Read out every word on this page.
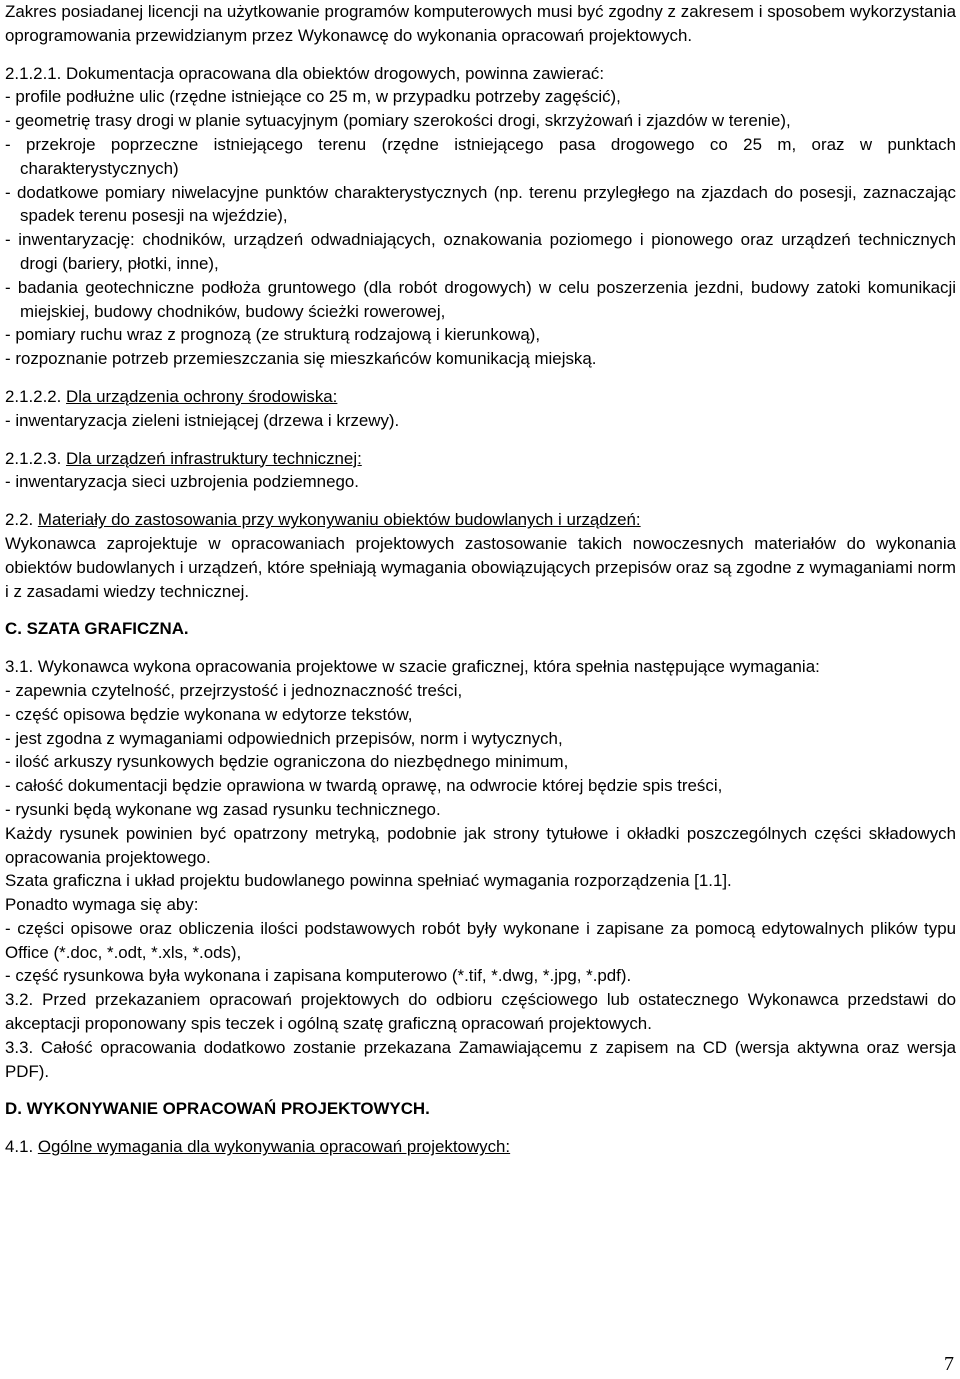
Zakres posiadanej licencji na użytkowanie programów komputerowych musi być zgodny z zakresem i sposobem wykorzystania oprogramowania przewidzianym przez Wykonawcę do wykonania opracowań projektowych.

2.1.2.1. Dokumentacja opracowana dla obiektów drogowych, powinna zawierać:

- profile podłużne ulic (rzędne istniejące co 25 m, w przypadku potrzeby zagęścić),

- geometrię trasy drogi w planie sytuacyjnym (pomiary szerokości drogi, skrzyżowań i zjazdów w terenie),

- przekroje poprzeczne istniejącego terenu (rzędne istniejącego pasa drogowego co 25 m, oraz w punktach charakterystycznych)

- dodatkowe pomiary niwelacyjne punktów charakterystycznych (np. terenu przyległego na zjazdach do posesji, zaznaczając spadek terenu posesji na wjeździe),

- inwentaryzację: chodników, urządzeń odwadniających, oznakowania poziomego i pionowego oraz urządzeń technicznych drogi (bariery, płotki, inne),

- badania geotechniczne podłoża gruntowego (dla robót drogowych) w celu poszerzenia jezdni, budowy zatoki komunikacji miejskiej, budowy chodników, budowy ścieżki rowerowej,

- pomiary ruchu wraz z prognozą (ze strukturą rodzajową i kierunkową),

- rozpoznanie potrzeb przemieszczania się mieszkańców komunikacją miejską.

2.1.2.2. Dla urządzenia ochrony środowiska:

- inwentaryzacja zieleni istniejącej (drzewa i krzewy).

2.1.2.3. Dla urządzeń infrastruktury technicznej:

- inwentaryzacja sieci uzbrojenia podziemnego.

2.2. Materiały do zastosowania przy wykonywaniu obiektów budowlanych i urządzeń:

Wykonawca zaprojektuje w opracowaniach projektowych zastosowanie takich nowoczesnych materiałów do wykonania obiektów budowlanych i urządzeń, które spełniają wymagania obowiązujących przepisów oraz są zgodne z wymaganiami norm i z zasadami wiedzy technicznej.

C. SZATA GRAFICZNA.

3.1. Wykonawca wykona opracowania projektowe w szacie graficznej, która spełnia następujące wymagania:

- zapewnia czytelność, przejrzystość i jednoznaczność treści,

- część opisowa będzie wykonana w edytorze tekstów,

- jest zgodna z wymaganiami odpowiednich przepisów, norm i wytycznych,

- ilość arkuszy rysunkowych będzie ograniczona do niezbędnego minimum,

- całość dokumentacji będzie oprawiona w twardą oprawę, na odwrocie której będzie spis treści,

- rysunki będą wykonane wg zasad rysunku technicznego.

Każdy rysunek powinien być opatrzony metryką, podobnie jak strony tytułowe i okładki poszczególnych części składowych opracowania projektowego.

Szata graficzna i układ projektu budowlanego powinna spełniać wymagania rozporządzenia [1.1].

Ponadto wymaga się aby:

- części opisowe oraz obliczenia ilości podstawowych robót były wykonane i zapisane za pomocą edytowalnych plików typu Office (*.doc, *.odt, *.xls, *.ods),

- część rysunkowa była wykonana i zapisana komputerowo (*.tif, *.dwg, *.jpg, *.pdf).

3.2. Przed przekazaniem opracowań projektowych do odbioru częściowego lub ostatecznego Wykonawca przedstawi do akceptacji proponowany spis teczek i ogólną szatę graficzną opracowań projektowych.

3.3. Całość opracowania dodatkowo zostanie przekazana Zamawiającemu z zapisem na CD (wersja aktywna oraz wersja PDF).

D. WYKONYWANIE OPRACOWAŃ PROJEKTOWYCH.

4.1. Ogólne wymagania dla wykonywania opracowań projektowych:

7
